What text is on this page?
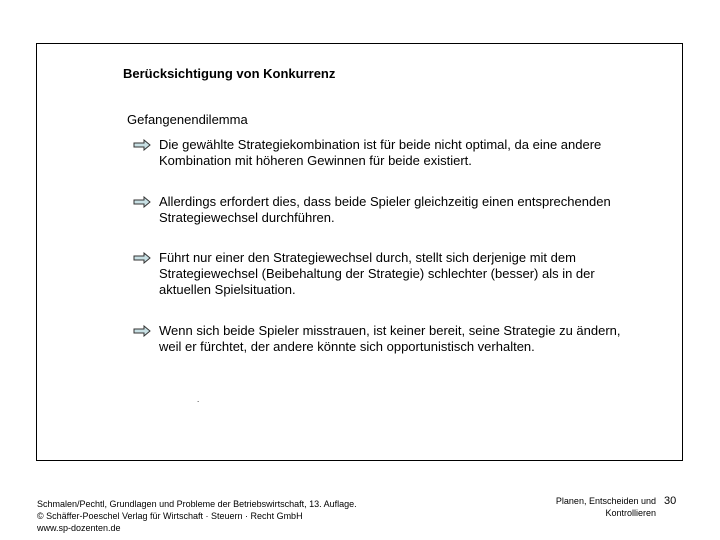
Berücksichtigung von Konkurrenz
Gefangenendilemma
Die gewählte Strategiekombination ist für beide nicht optimal, da eine andere Kombination mit höheren Gewinnen für beide existiert.
Allerdings erfordert dies, dass beide Spieler gleichzeitig einen entsprechenden Strategiewechsel durchführen.
Führt nur einer den Strategiewechsel durch, stellt sich derjenige mit dem Strategiewechsel (Beibehaltung der Strategie) schlechter (besser) als in der aktuellen Spielsituation.
Wenn sich beide Spieler misstrauen, ist keiner bereit, seine Strategie zu ändern, weil er fürchtet, der andere könnte sich opportunistisch verhalten.
.
Schmalen/Pechtl, Grundlagen und Probleme der Betriebswirtschaft, 13. Auflage.
© Schäffer-Poeschel Verlag für Wirtschaft · Steuern · Recht GmbH
www.sp-dozenten.de
Planen, Entscheiden und
Kontrollieren
30
